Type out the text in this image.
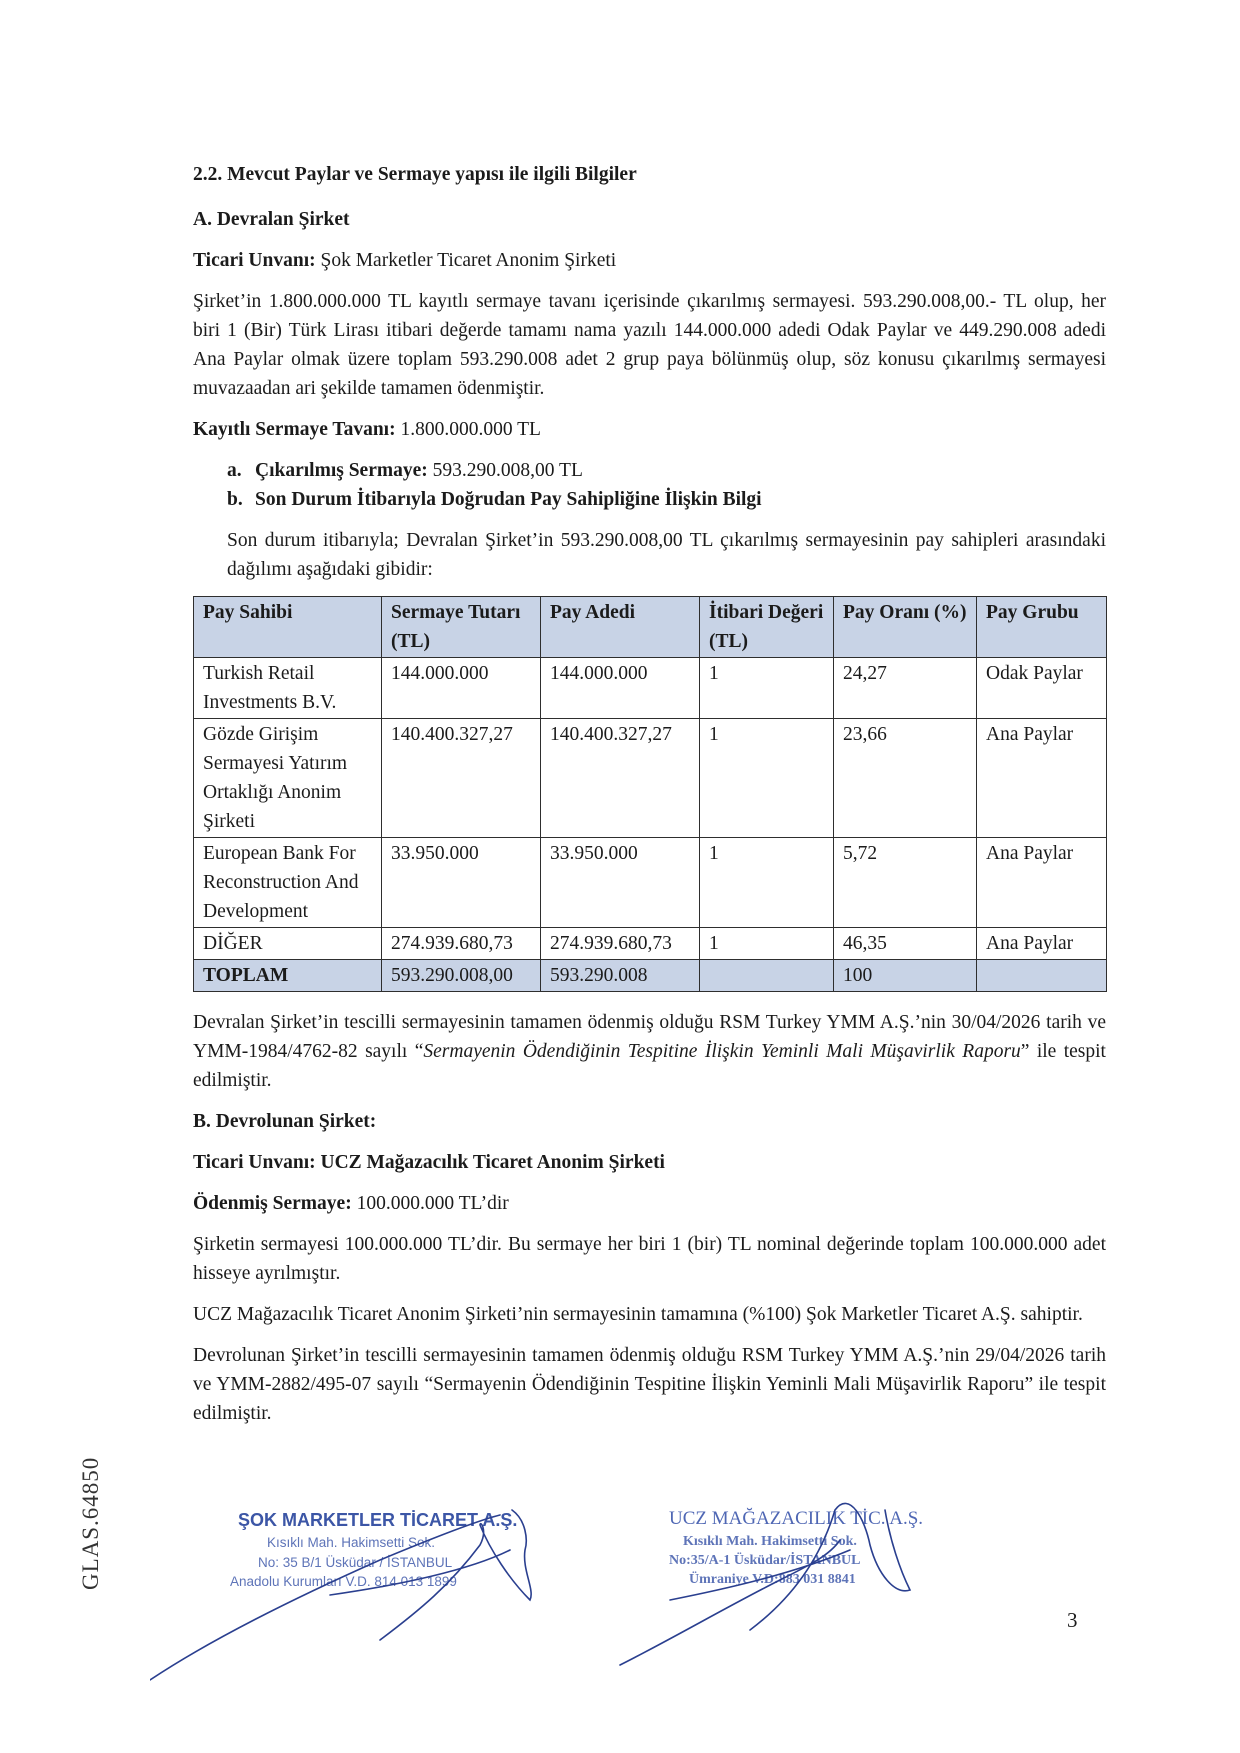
2.2. Mevcut Paylar ve Sermaye yapısı ile ilgili Bilgiler

A. Devralan Şirket

Ticari Unvanı: Şok Marketler Ticaret Anonim Şirketi

Şirket’in 1.800.000.000 TL kayıtlı sermaye tavanı içerisinde çıkarılmış sermayesi. 593.290.008,00.- TL olup, her biri 1 (Bir) Türk Lirası itibari değerde tamamı nama yazılı 144.000.000 adedi Odak Paylar ve 449.290.008 adedi Ana Paylar olmak üzere toplam 593.290.008 adet 2 grup paya bölünmüş olup, söz konusu çıkarılmış sermayesi muvazaadan ari şekilde tamamen ödenmiştir.

Kayıtlı Sermaye Tavanı: 1.800.000.000 TL

a. Çıkarılmış Sermaye: 593.290.008,00 TL
b. Son Durum İtibarıyla Doğrudan Pay Sahipliğine İlişkin Bilgi

Son durum itibarıyla; Devralan Şirket’in 593.290.008,00 TL çıkarılmış sermayesinin pay sahipleri arasındaki dağılımı aşağıdaki gibidir:

Pay Sahibi	Sermaye Tutarı (TL)	Pay Adedi	İtibari Değeri (TL)	Pay Oranı (%)	Pay Grubu
Turkish Retail Investments B.V.	144.000.000	144.000.000	1	24,27	Odak Paylar
Gözde Girişim Sermayesi Yatırım Ortaklığı Anonim Şirketi	140.400.327,27	140.400.327,27	1	23,66	Ana Paylar
European Bank For Reconstruction And Development	33.950.000	33.950.000	1	5,72	Ana Paylar
DİĞER	274.939.680,73	274.939.680,73	1	46,35	Ana Paylar
TOPLAM	593.290.008,00	593.290.008		100	

Devralan Şirket’in tescilli sermayesinin tamamen ödenmiş olduğu RSM Turkey YMM A.Ş.’nin 30/04/2026 tarih ve YMM-1984/4762-82 sayılı “Sermayenin Ödendiğinin Tespitine İlişkin Yeminli Mali Müşavirlik Raporu” ile tespit edilmiştir.

B. Devrolunan Şirket:

Ticari Unvanı: UCZ Mağazacılık Ticaret Anonim Şirketi

Ödenmiş Sermaye: 100.000.000 TL’dir

Şirketin sermayesi 100.000.000 TL’dir. Bu sermaye her biri 1 (bir) TL nominal değerinde toplam 100.000.000 adet hisseye ayrılmıştır.

UCZ Mağazacılık Ticaret Anonim Şirketi’nin sermayesinin tamamına (%100) Şok Marketler Ticaret A.Ş. sahiptir.

Devrolunan Şirket’in tescilli sermayesinin tamamen ödenmiş olduğu RSM Turkey YMM A.Ş.’nin 29/04/2026 tarih ve YMM-2882/495-07 sayılı “Sermayenin Ödendiğinin Tespitine İlişkin Yeminli Mali Müşavirlik Raporu” ile tespit edilmiştir.

GLAS.64850	ŞOK MARKETLER TİCARET A.Ş.
Kısıklı Mah. Hakimsetti Sok.
No: 35 B/1 Üsküdar / İSTANBUL
Anadolu Kurumları V.D. 814 013 1899
UCZ MAĞAZACILIK TİC. A.Ş.
Kısıklı Mah. Hakimsetti Sok.
No:35/A-1 Üsküdar/İSTANBUL
Ümraniye V.D:883 031 8841
3
